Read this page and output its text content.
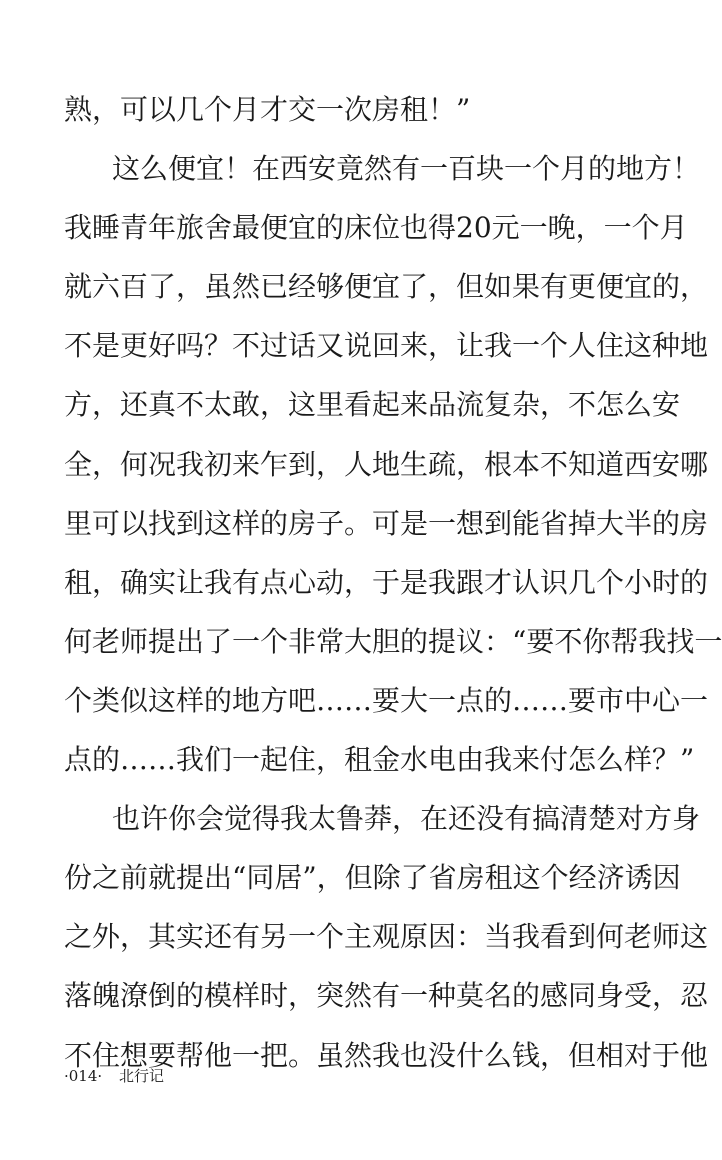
熟，可以几个月才交一次房租！”
这么便宜！在西安竟然有一百块一个月的地方！
我睡青年旅舍最便宜的床位也得20元一晚，一个月
就六百了，虽然已经够便宜了，但如果有更便宜的，
不是更好吗？不过话又说回来，让我一个人住这种地
方，还真不太敢，这里看起来品流复杂，不怎么安
全，何况我初来乍到，人地生疏，根本不知道西安哪
里可以找到这样的房子。可是一想到能省掉大半的房
租，确实让我有点心动，于是我跟才认识几个小时的
何老师提出了一个非常大胆的提议：“要不你帮我找一
个类似这样的地方吧……要大一点的……要市中心一
点的……我们一起住，租金水电由我来付怎么样？”
也许你会觉得我太鲁莽，在还没有搞清楚对方身
份之前就提出“同居”，但除了省房租这个经济诱因
之外，其实还有另一个主观原因：当我看到何老师这
落魄潦倒的模样时，突然有一种莫名的感同身受，忍
不住想要帮他一把。虽然我也没什么钱，但相对于他
·014· 北行记
